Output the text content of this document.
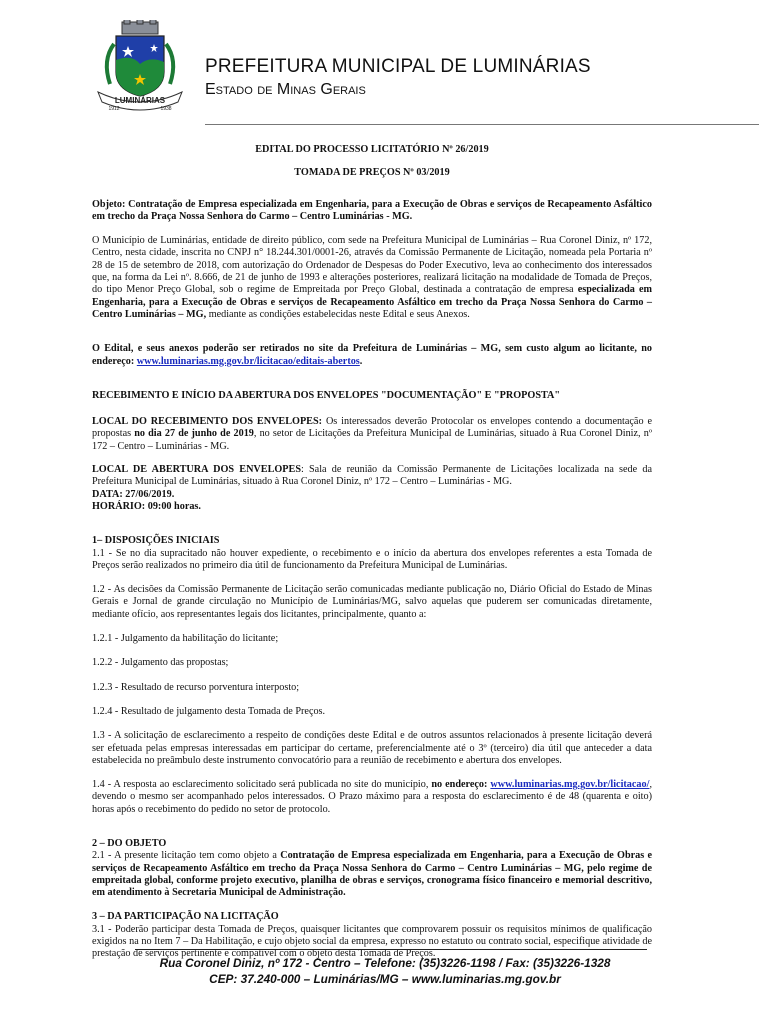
LUMINÁRIAS
1912	1938
PREFEITURA MUNICIPAL DE LUMINÁRIAS
Estado de Minas Gerais

EDITAL DO PROCESSO LICITATÓRIO Nº 26/2019

TOMADA DE PREÇOS Nº 03/2019

Objeto: Contratação de Empresa especializada em Engenharia, para a Execução de Obras e serviços de Recapeamento Asfáltico em trecho da Praça Nossa Senhora do Carmo – Centro Luminárias - MG.

O Município de Luminárias, entidade de direito público, com sede na Prefeitura Municipal de Luminárias – Rua Coronel Diniz, nº 172, Centro, nesta cidade, inscrita no CNPJ n° 18.244.301/0001-26, através da Comissão Permanente de Licitação, nomeada pela Portaria nº 28 de 15 de setembro de 2018, com autorização do Ordenador de Despesas do Poder Executivo, leva ao conhecimento dos interessados que, na forma da Lei nº. 8.666, de 21 de junho de 1993 e alterações posteriores, realizará licitação na modalidade de Tomada de Preços, do tipo Menor Preço Global, sob o regime de Empreitada por Preço Global, destinada a contratação de empresa especializada em Engenharia, para a Execução de Obras e serviços de Recapeamento Asfáltico em trecho da Praça Nossa Senhora do Carmo – Centro Luminárias – MG, mediante as condições estabelecidas neste Edital e seus Anexos.

O Edital, e seus anexos poderão ser retirados no site da Prefeitura de Luminárias – MG, sem custo algum ao licitante, no endereço: www.luminarias.mg.gov.br/licitacao/editais-abertos.

RECEBIMENTO E INÍCIO DA ABERTURA DOS ENVELOPES "DOCUMENTAÇÃO" E "PROPOSTA"

LOCAL DO RECEBIMENTO DOS ENVELOPES: Os interessados deverão Protocolar os envelopes contendo a documentação e propostas no dia 27 de junho de 2019, no setor de Licitações da Prefeitura Municipal de Luminárias, situado à Rua Coronel Diniz, nº 172 – Centro – Luminárias - MG.

LOCAL DE ABERTURA DOS ENVELOPES: Sala de reunião da Comissão Permanente de Licitações localizada na sede da Prefeitura Municipal de Luminárias, situado à Rua Coronel Diniz, nº 172 – Centro – Luminárias - MG.

DATA: 27/06/2019.

HORÁRIO: 09:00 horas.

1– DISPOSIÇÕES INICIAIS

1.1 - Se no dia supracitado não houver expediente, o recebimento e o início da abertura dos envelopes referentes a esta Tomada de Preços serão realizados no primeiro dia útil de funcionamento da Prefeitura Municipal de Luminárias.

1.2 - As decisões da Comissão Permanente de Licitação serão comunicadas mediante publicação no, Diário Oficial do Estado de Minas Gerais e Jornal de grande circulação no Município de Luminárias/MG, salvo aquelas que puderem ser comunicadas diretamente, mediante ofício, aos representantes legais dos licitantes, principalmente, quanto a:

1.2.1 - Julgamento da habilitação do licitante;

1.2.2 - Julgamento das propostas;

1.2.3 - Resultado de recurso porventura interposto;

1.2.4 - Resultado de julgamento desta Tomada de Preços.

1.3 - A solicitação de esclarecimento a respeito de condições deste Edital e de outros assuntos relacionados à presente licitação deverá ser efetuada pelas empresas interessadas em participar do certame, preferencialmente até o 3º (terceiro) dia útil que anteceder a data estabelecida no preâmbulo deste instrumento convocatório para a reunião de recebimento e abertura dos envelopes.

1.4 - A resposta ao esclarecimento solicitado será publicada no site do município, no endereço: www.luminarias.mg.gov.br/licitacao/, devendo o mesmo ser acompanhado pelos interessados. O Prazo máximo para a resposta do esclarecimento é de 48 (quarenta e oito) horas após o recebimento do pedido no setor de protocolo.

2 – DO OBJETO

2.1 - A presente licitação tem como objeto a Contratação de Empresa especializada em Engenharia, para a Execução de Obras e serviços de Recapeamento Asfáltico em trecho da Praça Nossa Senhora do Carmo – Centro Luminárias – MG, pelo regime de empreitada global, conforme projeto executivo, planilha de obras e serviços, cronograma físico financeiro e memorial descritivo, em atendimento à Secretaria Municipal de Administração.

3 – DA PARTICIPAÇÃO NA LICITAÇÃO

3.1 - Poderão participar desta Tomada de Preços, quaisquer licitantes que comprovarem possuir os requisitos mínimos de qualificação exigidos na no Item 7 – Da Habilitação, e cujo objeto social da empresa, expresso no estatuto ou contrato social, especifique atividade de prestação de serviços pertinente e compatível com o objeto desta Tomada de Preços.

Rua Coronel Diniz, nº 172 - Centro – Telefone: (35)3226-1198 / Fax: (35)3226-1328
CEP: 37.240-000 – Luminárias/MG – www.luminarias.mg.gov.br
